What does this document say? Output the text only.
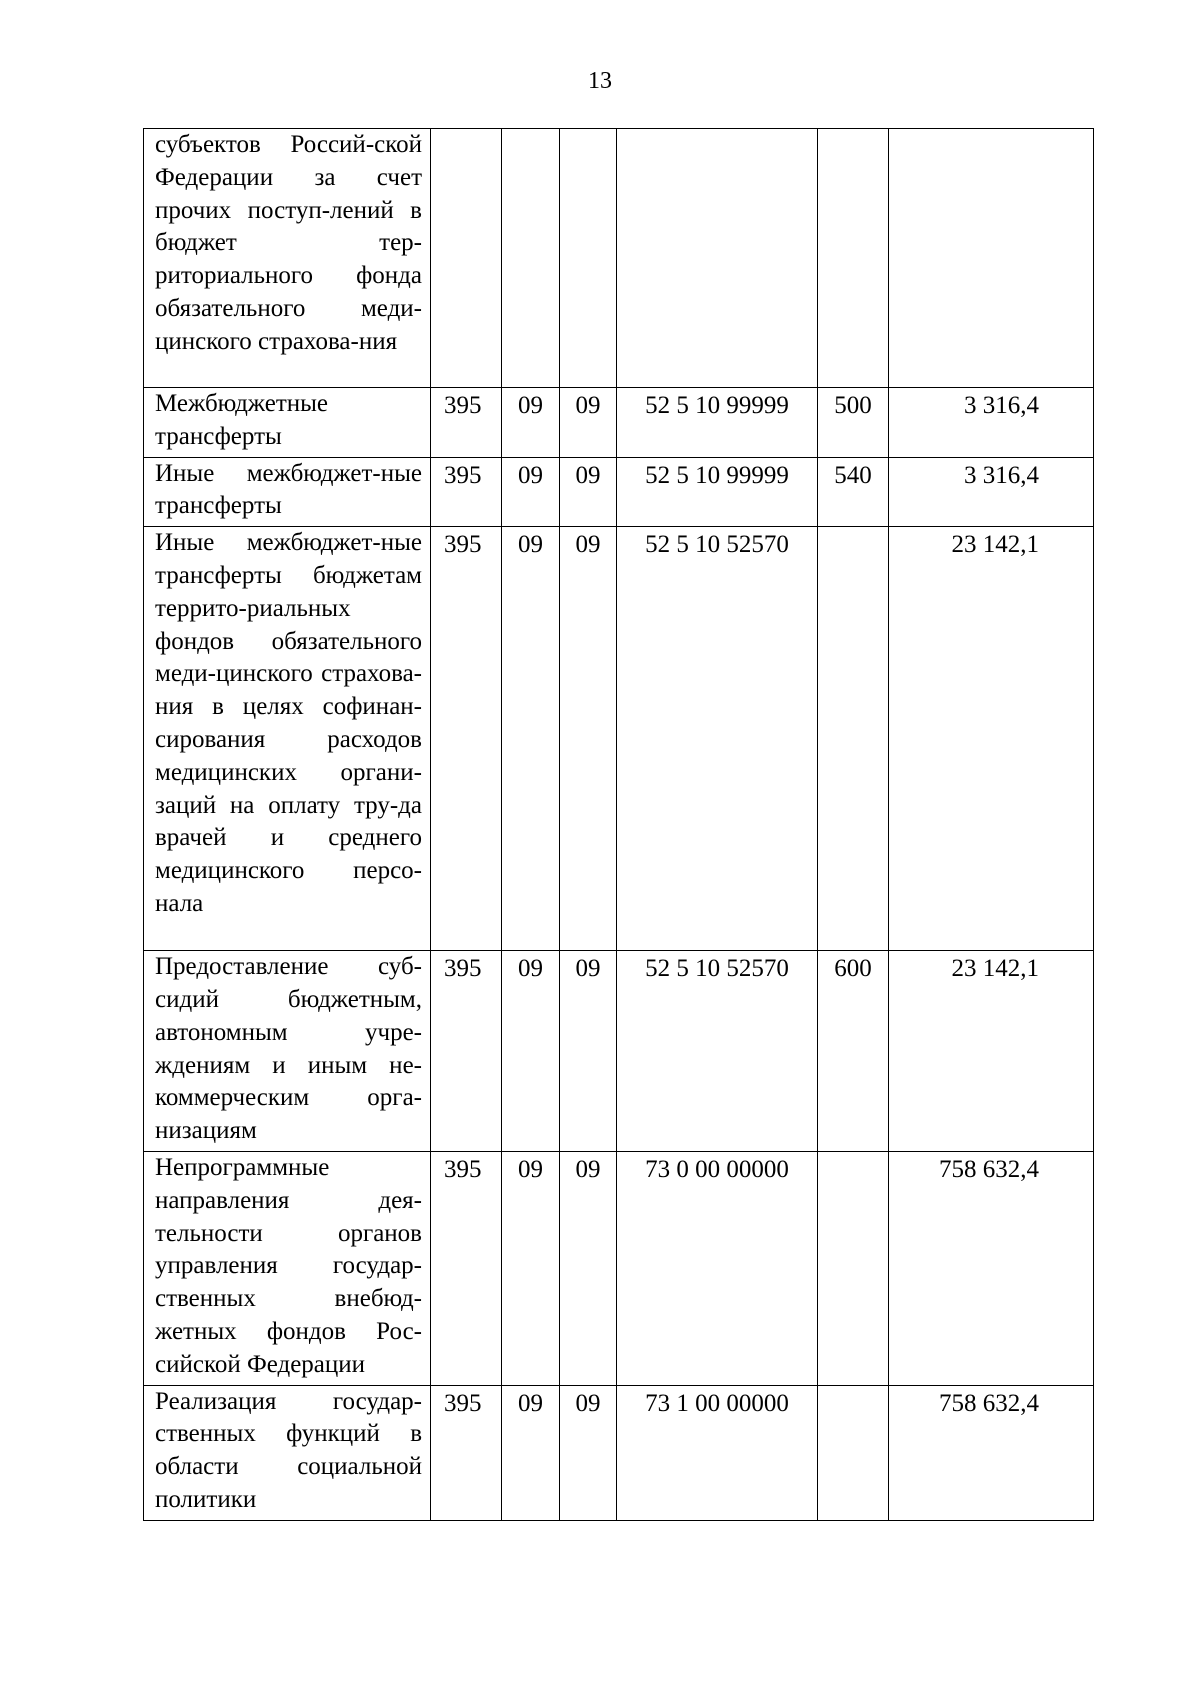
13
субъектов Россий-ской Федерации за счет прочих поступ-лений в бюджет тер-риториального фонда обязательного меди-цинского страхова-ния						
Межбюджетные трансферты	395	09	09	52 5 10 99999	500	3 316,4
Иные межбюджет-ные трансферты	395	09	09	52 5 10 99999	540	3 316,4
Иные межбюджет-ные трансферты бюджетам террито-риальных фондов обязательного меди-цинского страхова-ния в целях софинан-сирования расходов медицинских органи-заций на оплату тру-да врачей и среднего медицинского персо-нала	395	09	09	52 5 10 52570		23 142,1
Предоставление суб-сидий бюджетным, автономным учре-ждениям и иным не-коммерческим орга-низациям	395	09	09	52 5 10 52570	600	23 142,1
Непрограммные направления дея-тельности органов управления государ-ственных внебюд-жетных фондов Рос-сийской Федерации	395	09	09	73 0 00 00000		758 632,4
Реализация государ-ственных функций в области социальной политики	395	09	09	73 1 00 00000		758 632,4
